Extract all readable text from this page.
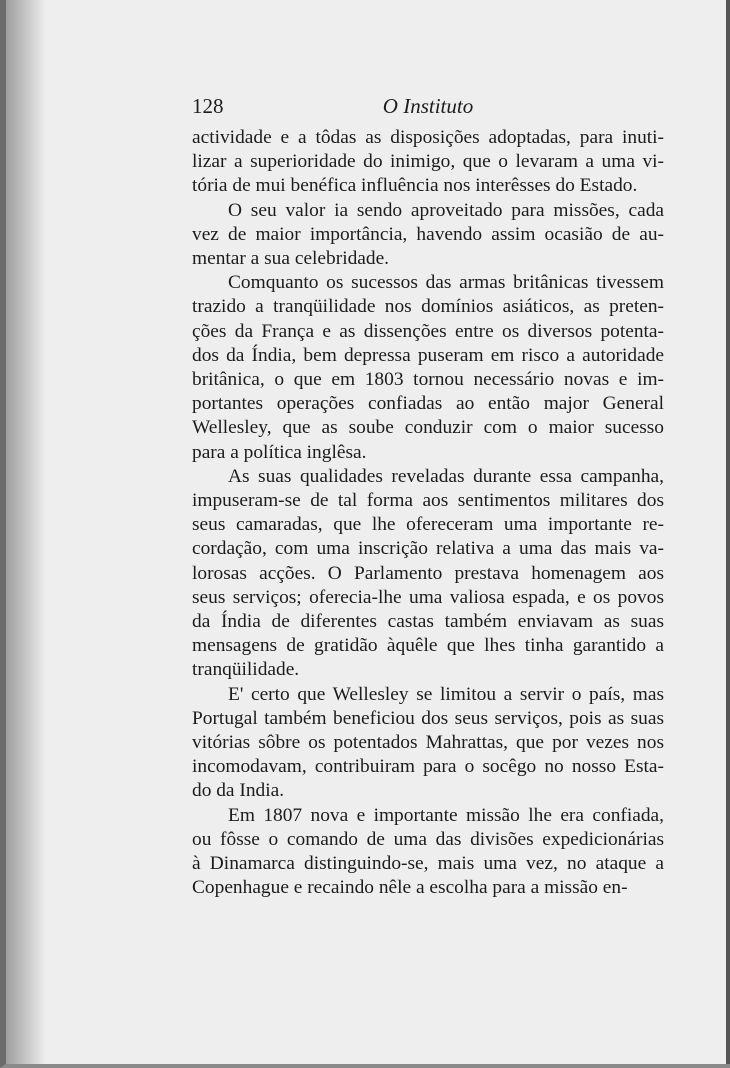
128	O Instituto
actividade e a tôdas as disposições adoptadas, para inuti-
lizar a superioridade do inimigo, que o levaram a uma vi-
tória de mui benéfica influência nos interêsses do Estado.
O seu valor ia sendo aproveitado para missões, cada
vez de maior importância, havendo assim ocasião de au-
mentar a sua celebridade.
Comquanto os sucessos das armas britânicas tivessem
trazido a tranqüilidade nos domínios asiáticos, as preten-
ções da França e as dissenções entre os diversos potenta-
dos da Índia, bem depressa puseram em risco a autoridade
britânica, o que em 1803 tornou necessário novas e im-
portantes operações confiadas ao então major General
Wellesley, que as soube conduzir com o maior sucesso
para a política inglêsa.
As suas qualidades reveladas durante essa campanha,
impuseram-se de tal forma aos sentimentos militares dos
seus camaradas, que lhe ofereceram uma importante re-
cordação, com uma inscrição relativa a uma das mais va-
lorosas acções. O Parlamento prestava homenagem aos
seus serviços; oferecia-lhe uma valiosa espada, e os povos
da Índia de diferentes castas também enviavam as suas
mensagens de gratidão àquêle que lhes tinha garantido a
tranqüilidade.
E' certo que Wellesley se limitou a servir o país, mas
Portugal também beneficiou dos seus serviços, pois as suas
vitórias sôbre os potentados Mahrattas, que por vezes nos
incomodavam, contribuiram para o socêgo no nosso Esta-
do da India.
Em 1807 nova e importante missão lhe era confiada,
ou fôsse o comando de uma das divisões expedicionárias
à Dinamarca distinguindo-se, mais uma vez, no ataque a
Copenhague e recaindo nêle a escolha para a missão en-
